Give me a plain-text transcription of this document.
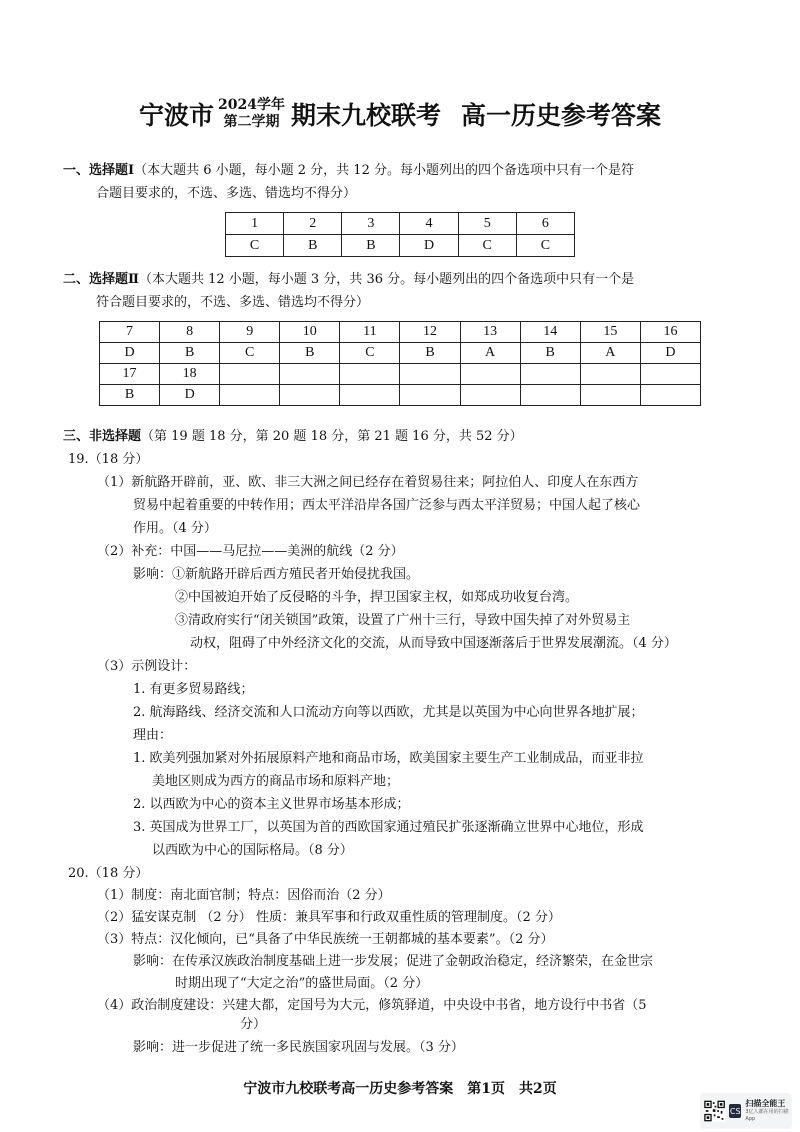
宁波市 2024学年
第二学期 期末九校联考 高一历史参考答案
一、选择题Ⅰ（本大题共 6 小题，每小题 2 分，共 12 分。每小题列出的四个备选项中只有一个是符
合题目要求的，不选、多选、错选均不得分）
1	2	3	4	5	6
C	B	B	D	C	C
二、选择题Ⅱ（本大题共 12 小题，每小题 3 分，共 36 分。每小题列出的四个备选项中只有一个是
符合题目要求的，不选、多选、错选均不得分）
7	8	9	10	11	12	13	14	15	16
D	B	C	B	C	B	A	B	A	D
17	18								
B	D								
三、非选择题（第 19 题 18 分，第 20 题 18 分，第 21 题 16 分，共 52 分）
19.（18 分）
（1）新航路开辟前，亚、欧、非三大洲之间已经存在着贸易往来；阿拉伯人、印度人在东西方
贸易中起着重要的中转作用；西太平洋沿岸各国广泛参与西太平洋贸易；中国人起了核心
作用。（4 分）
（2）补充：中国——马尼拉——美洲的航线（2 分）
影响：①新航路开辟后西方殖民者开始侵扰我国。
②中国被迫开始了反侵略的斗争，捍卫国家主权，如郑成功收复台湾。
③清政府实行“闭关锁国”政策，设置了广州十三行，导致中国失掉了对外贸易主
动权，阻碍了中外经济文化的交流，从而导致中国逐渐落后于世界发展潮流。（4 分）
（3）示例设计：
1. 有更多贸易路线；
2. 航海路线、经济交流和人口流动方向等以西欧，尤其是以英国为中心向世界各地扩展；
理由：
1. 欧美列强加紧对外拓展原料产地和商品市场，欧美国家主要生产工业制成品，而亚非拉
美地区则成为西方的商品市场和原料产地；
2. 以西欧为中心的资本主义世界市场基本形成；
3. 英国成为世界工厂，以英国为首的西欧国家通过殖民扩张逐渐确立世界中心地位，形成
以西欧为中心的国际格局。（8 分）
20.（18 分）
（1）制度：南北面官制；特点：因俗而治（2 分）
（2）猛安谋克制 （2 分） 性质：兼具军事和行政双重性质的管理制度。（2 分）
（3）特点：汉化倾向，已“具备了中华民族统一王朝都城的基本要素”。（2 分）
影响：在传承汉族政治制度基础上进一步发展；促进了金朝政治稳定，经济繁荣，在金世宗
时期出现了“大定之治”的盛世局面。（2 分）
宁波市九校联考高一历史参考答案　第1页　共2页
CS
扫描全能王
3亿人都在用的扫描App
（4）政治制度建设：兴建大都，定国号为大元，修筑驿道，中央设中书省，地方设行中书省（5
分）
影响：进一步促进了统一多民族国家巩固与发展。（3 分）
